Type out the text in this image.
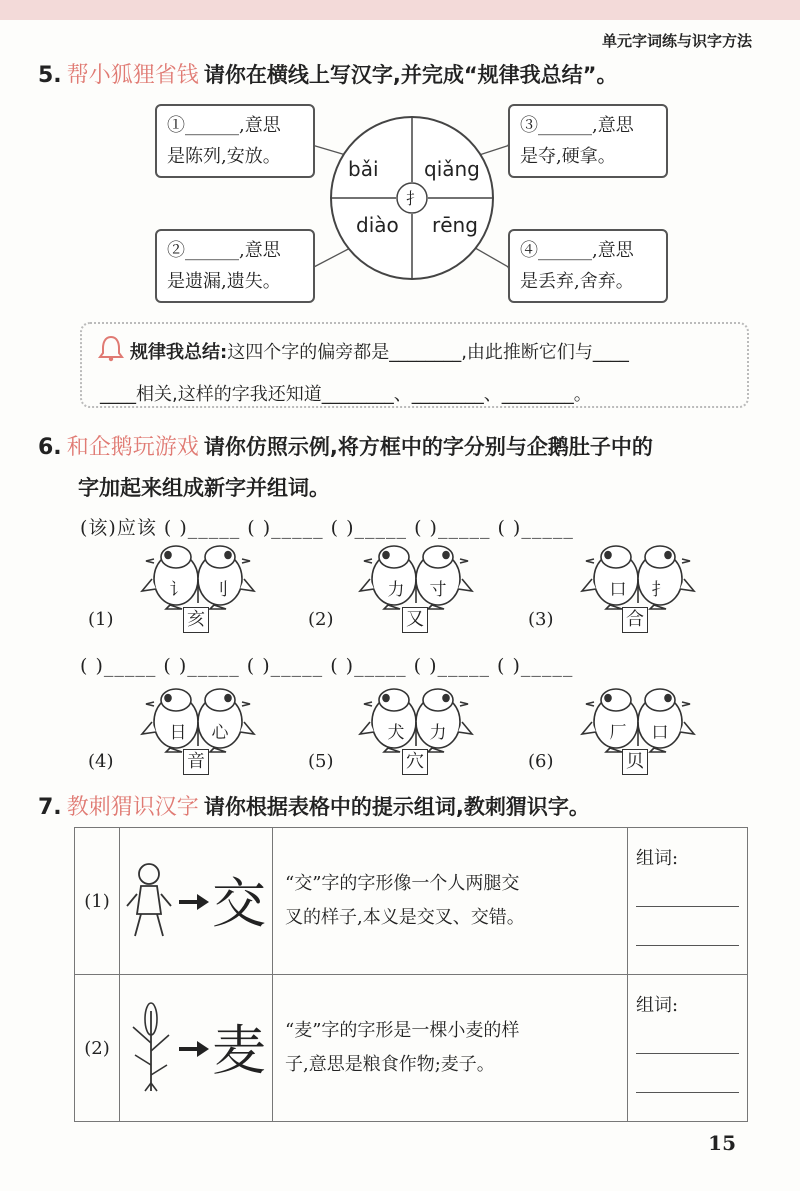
单元字词练与识字方法
5. 帮小狐狸省钱 请你在横线上写汉字,并完成“规律我总结”。
①______,意思
是陈列,安放。
②______,意思
是遗漏,遗失。
③______,意思
是夺,硬拿。
④______,意思
是丢弃,舍弃。
bǎi qiǎng
diào rēng
扌
规律我总结:这四个字的偏旁都是________,由此推断它们与____
____相关,这样的字我还知道________、________、________。
6. 和企鹅玩游戏 请你仿照示例,将方框中的字分别与企鹅肚子中的
字加起来组成新字并组词。
(该)应该 ( )_____ ( )_____ ( )_____ ( )_____ ( )_____
( )_____ ( )_____ ( )_____ ( )_____ ( )_____ ( )_____
(1)
讠 刂
亥	(2)
力 寸
又	(3)
口 扌
合
(4)
日 心
音	(5)
犬 力
穴	(6)
厂 口
贝
7. 教刺猬识汉字 请你根据表格中的提示组词,教刺猬识字。
(1)	交	“交”字的字形像一个人两腿交
叉的样子,本义是交叉、交错。	组词:

(2)	麦	“麦”字的字形是一棵小麦的样
子,意思是粮食作物;麦子。	组词:
15
